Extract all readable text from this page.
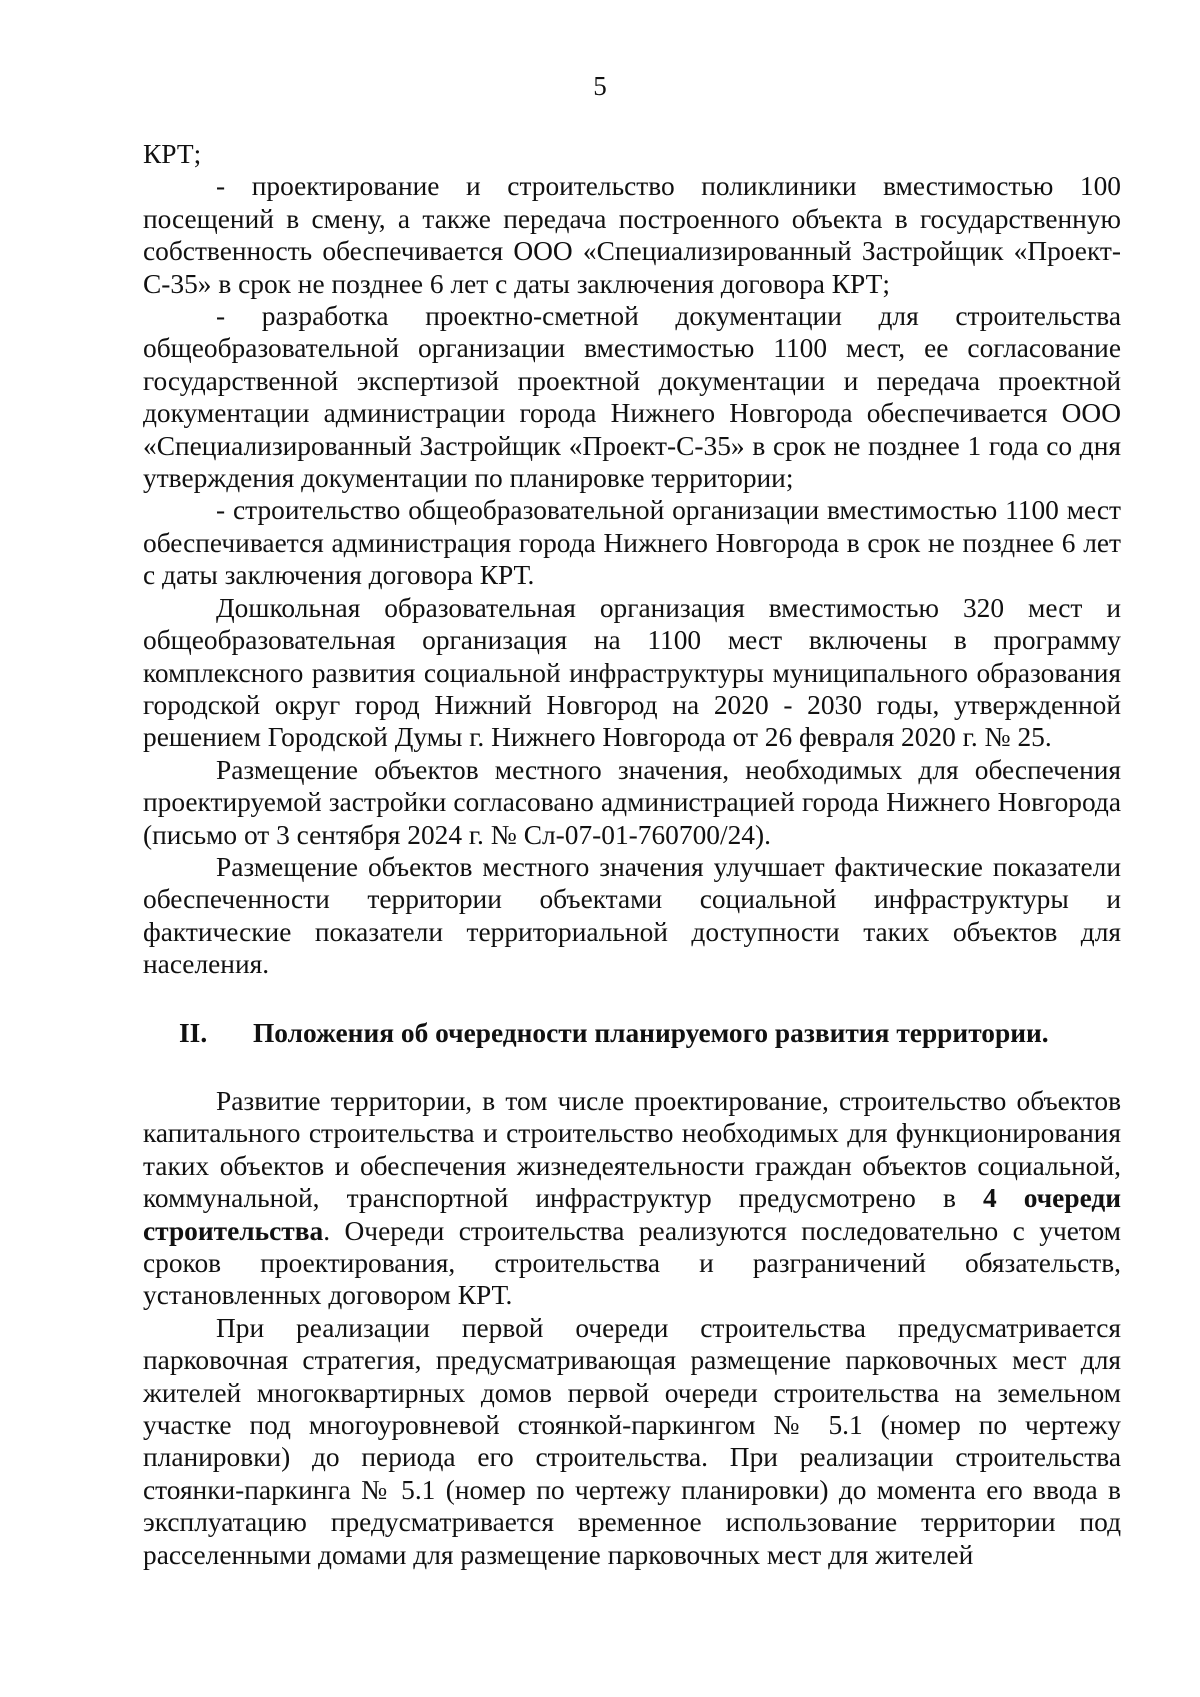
5

КРТ;

- проектирование и строительство поликлиники вместимостью 100 посещений в смену, а также передача построенного объекта в государственную собственность обеспечивается ООО «Специализированный Застройщик «Проект-С-35» в срок не позднее 6 лет с даты заключения договора КРТ;

- разработка проектно-сметной документации для строительства общеобразовательной организации вместимостью 1100 мест, ее согласование государственной экспертизой проектной документации и передача проектной документации администрации города Нижнего Новгорода обеспечивается ООО «Специализированный Застройщик «Проект-С-35» в срок не позднее 1 года со дня утверждения документации по планировке территории;

- строительство общеобразовательной организации вместимостью 1100 мест обеспечивается администрация города Нижнего Новгорода в срок не позднее 6 лет с даты заключения договора КРТ.

Дошкольная образовательная организация вместимостью 320 мест и общеобразовательная организация на 1100 мест включены в программу комплексного развития социальной инфраструктуры муниципального образования городской округ город Нижний Новгород на 2020 - 2030 годы, утвержденной решением Городской Думы г. Нижнего Новгорода от 26 февраля 2020 г. № 25.

Размещение объектов местного значения, необходимых для обеспечения проектируемой застройки согласовано администрацией города Нижнего Новгорода (письмо от 3 сентября 2024 г. № Сл-07-01-760700/24).

Размещение объектов местного значения улучшает фактические показатели обеспеченности территории объектами социальной инфраструктуры и фактические показатели территориальной доступности таких объектов для населения.

II.	Положения об очередности планируемого развития территории.

Развитие территории, в том числе проектирование, строительство объектов капитального строительства и строительство необходимых для функционирования таких объектов и обеспечения жизнедеятельности граждан объектов социальной, коммунальной, транспортной инфраструктур предусмотрено в 4 очереди строительства. Очереди строительства реализуются последовательно с учетом сроков проектирования, строительства и разграничений обязательств, установленных договором КРТ.

При реализации первой очереди строительства предусматривается парковочная стратегия, предусматривающая размещение парковочных мест для жителей многоквартирных домов первой очереди строительства на земельном участке под многоуровневой стоянкой-паркингом № 5.1 (номер по чертежу планировки) до периода его строительства. При реализации строительства стоянки-паркинга № 5.1 (номер по чертежу планировки) до момента его ввода в эксплуатацию предусматривается временное использование территории под расселенными домами для размещение парковочных мест для жителей
